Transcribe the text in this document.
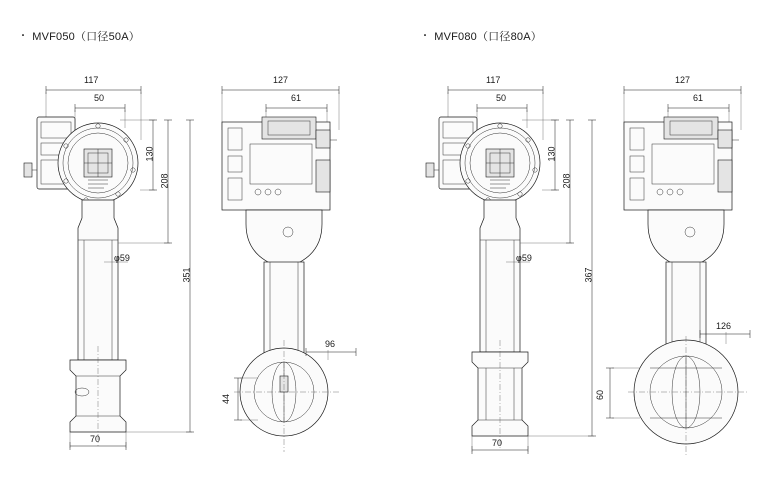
・ MVF050（口径50A）	・ MVF080（口径80A）
117
50
130
208
351
φ59
70
127
61
96
44
117
50
130
208
367
φ59
70
127
61
126
60
